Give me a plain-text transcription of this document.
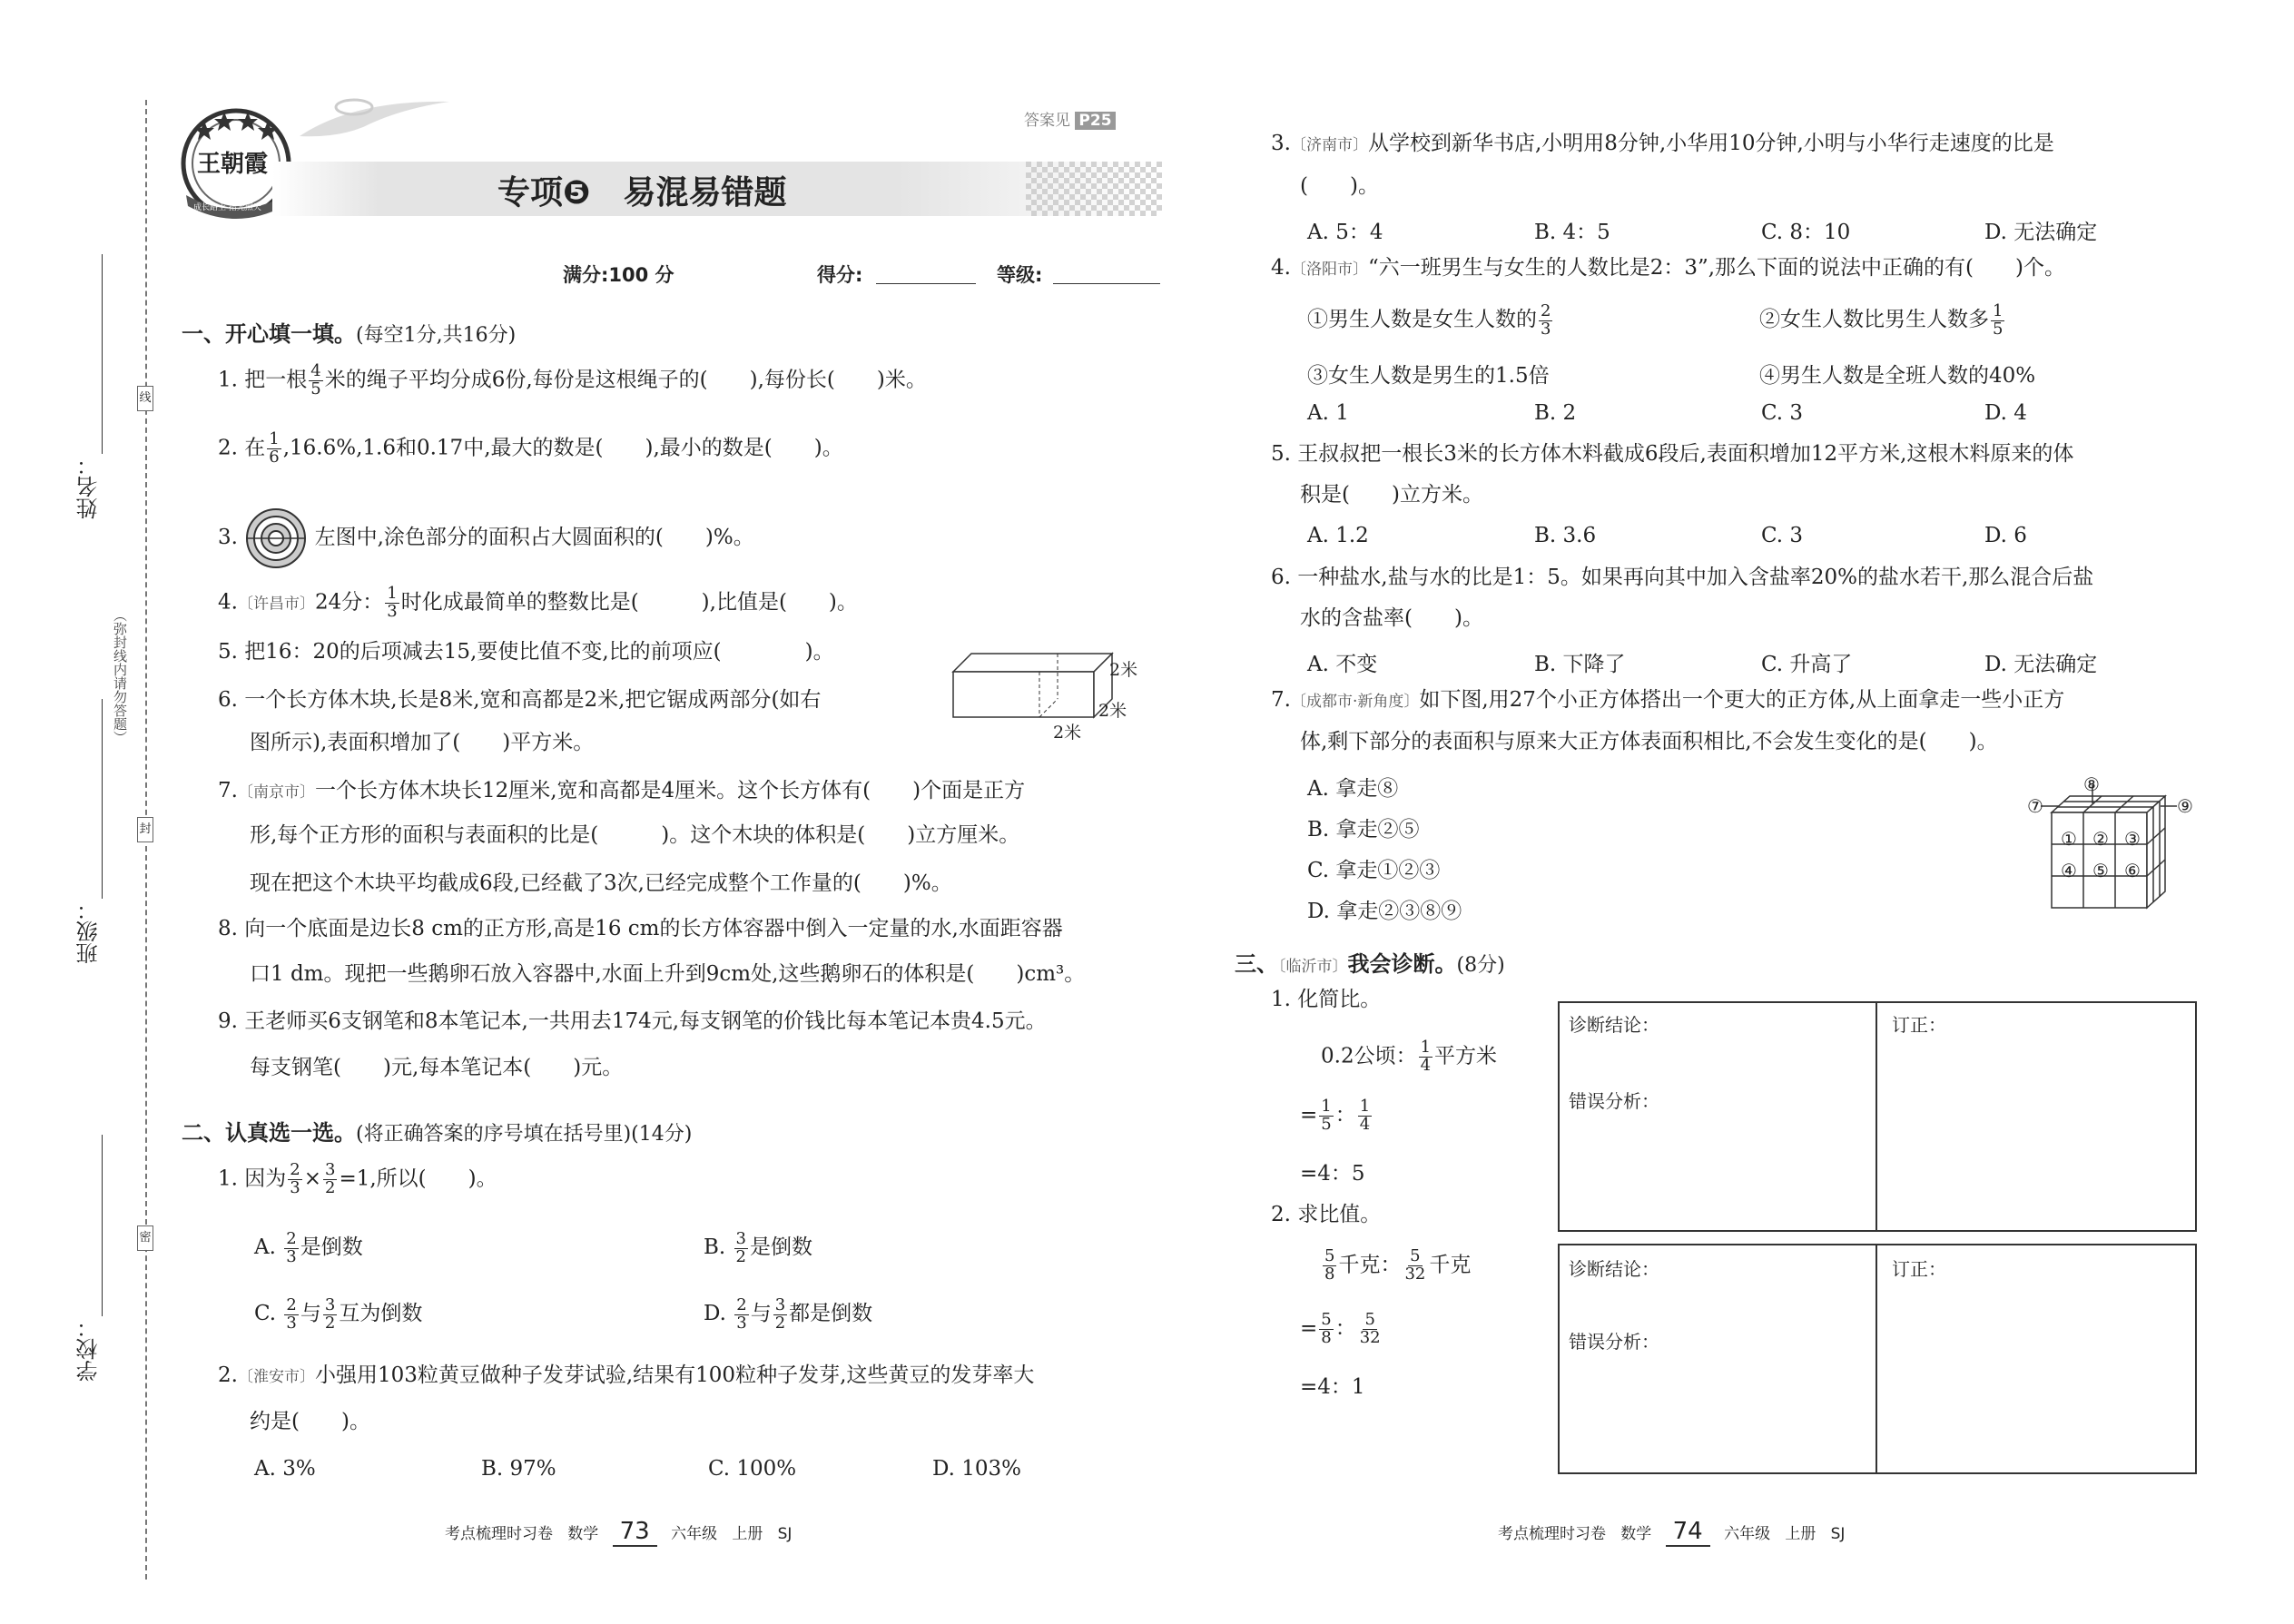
姓名：
班级：
学校：
（弥封线内请勿答题）
线
封
密
王朝霞
成长路上 指光照天
答案见 P25
专项❺　易混易错题
满分:100 分	得分:	等级:
一、开心填一填。(每空1分,共16分)
1. 把一根 $\frac{4}{5}$ 米的绳子平均分成6份,每份是这根绳子的(　　),每份长(　　)米。
2. 在 $\frac{1}{6} ,16.6\%,1.6$和0.17中,最大的数是(　　),最小的数是(　　)。
3.	左图中,涂色部分的面积占大圆面积的(　　)%。
4.〔许昌市〕24分： $\frac{1}{3}$ 时化成最简单的整数比是(　　　),比值是(　　)。
5. 把16：20的后项减去15,要使比值不变,比的前项应(　　　　)。
6. 一个长方体木块,长是8米,宽和高都是2米,把它锯成两部分(如右
图所示),表面积增加了(　　)平方米。
2米
2米
2米
7.〔南京市〕一个长方体木块长12厘米,宽和高都是4厘米。这个长方体有(　　)个面是正方
形,每个正方形的面积与表面积的比是(　　　)。这个木块的体积是(　　)立方厘米。
现在把这个木块平均截成6段,已经截了3次,已经完成整个工作量的(　　)%。
8. 向一个底面是边长8 cm的正方形,高是16 cm的长方体容器中倒入一定量的水,水面距容器
口1 dm。现把一些鹅卵石放入容器中,水面上升到9cm处,这些鹅卵石的体积是(　　)cm³。
9. 王老师买6支钢笔和8本笔记本,一共用去174元,每支钢笔的价钱比每本笔记本贵4.5元。
每支钢笔(　　)元,每本笔记本(　　)元。
二、认真选一选。(将正确答案的序号填在括号里)(14分)
1. 因为 $\frac{2}{3} \times \frac{3}{2} =1$,所以(　　)。
A. $\frac{2}{3}$ 是倒数	B. $\frac{3}{2}$ 是倒数
C. $\frac{2}{3}$ 与 $\frac{3}{2}$ 互为倒数	D. $\frac{2}{3}$ 与 $\frac{3}{2}$ 都是倒数
2.〔淮安市〕小强用103粒黄豆做种子发芽试验,结果有100粒种子发芽,这些黄豆的发芽率大
约是(　　)。
A. 3%	B. 97%	C. 100%	D. 103%
3.〔济南市〕从学校到新华书店,小明用8分钟,小华用10分钟,小明与小华行走速度的比是
(　　)。
A. 5：4	B. 4：5	C. 8：10	D. 无法确定
4.〔洛阳市〕“六一班男生与女生的人数比是2：3”,那么下面的说法中正确的有(　　)个。
①男生人数是女生人数的 $\frac{2}{3}$	②女生人数比男生人数多 $\frac{1}{5}$
③女生人数是男生的1.5倍	④男生人数是全班人数的40%
A. 1	B. 2	C. 3	D. 4
5. 王叔叔把一根长3米的长方体木料截成6段后,表面积增加12平方米,这根木料原来的体
积是(　　)立方米。
A. 1.2	B. 3.6	C. 3	D. 6
6. 一种盐水,盐与水的比是1：5。如果再向其中加入含盐率20%的盐水若干,那么混合后盐
水的含盐率(　　)。
A. 不变	B. 下降了	C. 升高了	D. 无法确定
7.〔成都市·新角度〕如下图,用27个小正方体搭出一个更大的正方体,从上面拿走一些小正方
体,剩下部分的表面积与原来大正方体表面积相比,不会发生变化的是(　　)。
A. 拿走⑧
B. 拿走②⑤
C. 拿走①②③
D. 拿走②③⑧⑨
⑦
⑧
⑨
① ② ③
④ ⑤ ⑥
三、〔临沂市〕我会诊断。(8分)
1. 化简比。
0.2公顷： $\frac{1}{4}$ 平方米
= $\frac{1}{5}$ ： $\frac{1}{4}$
=4：5
2. 求比值。
$\frac{5}{8}$ 千克： $\frac{5}{32}$ 千克
= $\frac{5}{8}$ ： $\frac{5}{32}$
=4：1
诊断结论：
错误分析：
订正：
诊断结论：
错误分析：
订正：
考点梳理时习卷 数学 73 六年级 上册 SJ	考点梳理时习卷 数学 74 六年级 上册 SJ
